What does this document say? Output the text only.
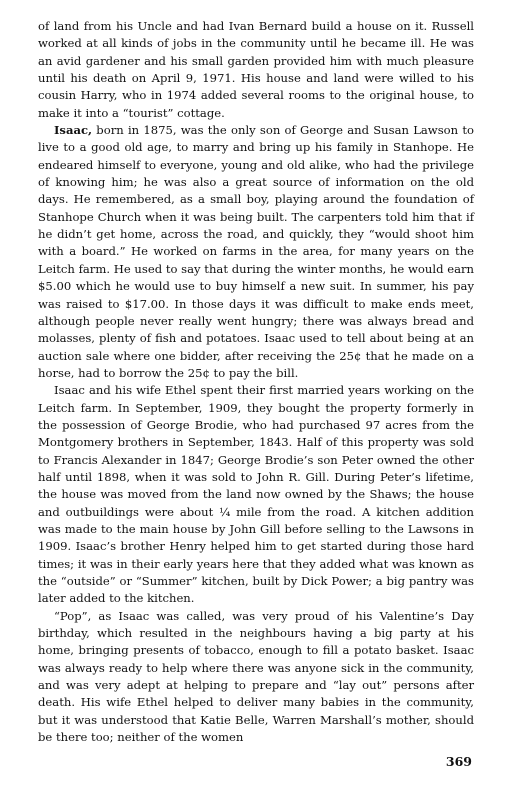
of land from his Uncle and had Ivan Bernard build a house on it. Russell worked at all kinds of jobs in the community until he became ill. He was an avid gardener and his small garden provided him with much pleasure until his death on April 9, 1971. His house and land were willed to his cousin Harry, who in 1974 added several rooms to the original house, to make it into a “tourist” cottage.

Isaac, born in 1875, was the only son of George and Susan Lawson to live to a good old age, to marry and bring up his family in Stanhope. He endeared himself to everyone, young and old alike, who had the privilege of knowing him; he was also a great source of information on the old days. He remembered, as a small boy, playing around the foundation of Stanhope Church when it was being built. The carpenters told him that if he didn’t get home, across the road, and quickly, they “would shoot him with a board.” He worked on farms in the area, for many years on the Leitch farm. He used to say that during the winter months, he would earn $5.00 which he would use to buy himself a new suit. In summer, his pay was raised to $17.00. In those days it was difficult to make ends meet, although people never really went hungry; there was always bread and molasses, plenty of fish and potatoes. Isaac used to tell about being at an auction sale where one bidder, after receiving the 25¢ that he made on a horse, had to borrow the 25¢ to pay the bill.

Isaac and his wife Ethel spent their first married years working on the Leitch farm. In September, 1909, they bought the property formerly in the possession of George Brodie, who had purchased 97 acres from the Montgomery brothers in September, 1843. Half of this property was sold to Francis Alexander in 1847; George Brodie’s son Peter owned the other half until 1898, when it was sold to John R. Gill. During Peter’s lifetime, the house was moved from the land now owned by the Shaws; the house and outbuildings were about ¼ mile from the road. A kitchen addition was made to the main house by John Gill before selling to the Lawsons in 1909. Isaac’s brother Henry helped him to get started during those hard times; it was in their early years here that they added what was known as the “outside” or “Summer” kitchen, built by Dick Power; a big pantry was later added to the kitchen.

“Pop”, as Isaac was called, was very proud of his Valentine’s Day birthday, which resulted in the neighbours having a big party at his home, bringing presents of tobacco, enough to fill a potato basket. Isaac was always ready to help where there was anyone sick in the community, and was very adept at helping to prepare and “lay out” persons after death. His wife Ethel helped to deliver many babies in the community, but it was understood that Katie Belle, Warren Marshall’s mother, should be there too; neither of the women

369
